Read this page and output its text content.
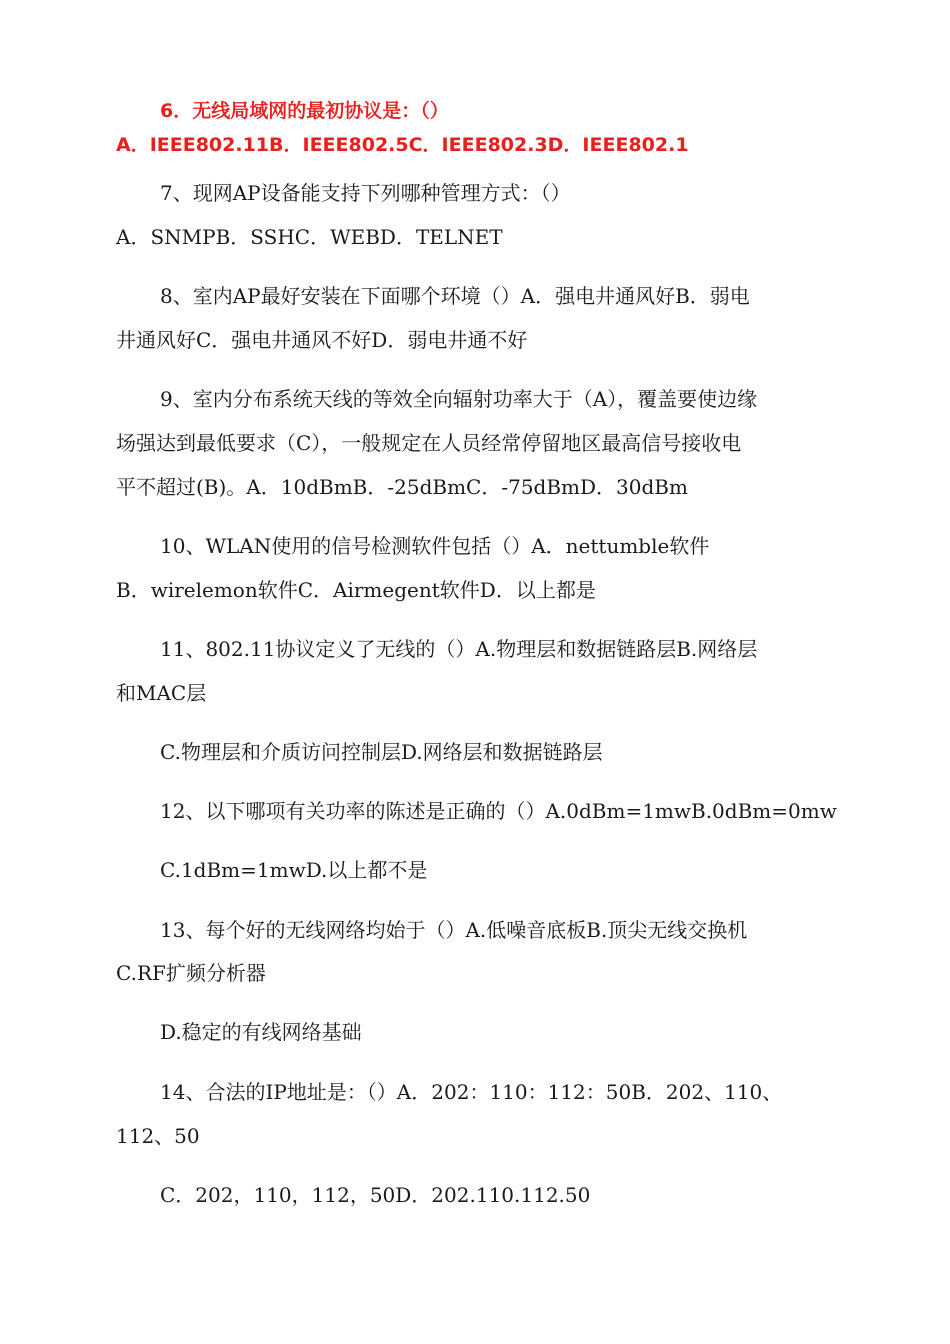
6．无线局域网的最初协议是：（）
A．IEEE802.11B．IEEE802.5C．IEEE802.3D．IEEE802.1
7、现网AP设备能支持下列哪种管理方式：（）
A．SNMPB．SSHC．WEBD．TELNET
8、室内AP最好安装在下面哪个环境（）A．强电井通风好B．弱电
井通风好C．强电井通风不好D．弱电井通不好
9、室内分布系统天线的等效全向辐射功率大于（A），覆盖要使边缘
场强达到最低要求（C），一般规定在人员经常停留地区最高信号接收电
平不超过(B)。A．10dBmB．-25dBmC．-75dBmD．30dBm
10、WLAN使用的信号检测软件包括（）A．nettumble软件
B．wirelemon软件C．Airmegent软件D．以上都是
11、802.11协议定义了无线的（）A.物理层和数据链路层B.网络层
和MAC层
C.物理层和介质访问控制层D.网络层和数据链路层
12、以下哪项有关功率的陈述是正确的（）A.0dBm=1mwB.0dBm=0mw
C.1dBm=1mwD.以上都不是
13、每个好的无线网络均始于（）A.低噪音底板B.顶尖无线交换机
C.RF扩频分析器
D.稳定的有线网络基础
14、合法的IP地址是：（）A．202：110：112：50B．202、110、
112、50
C．202，110，112，50D．202.110.112.50
